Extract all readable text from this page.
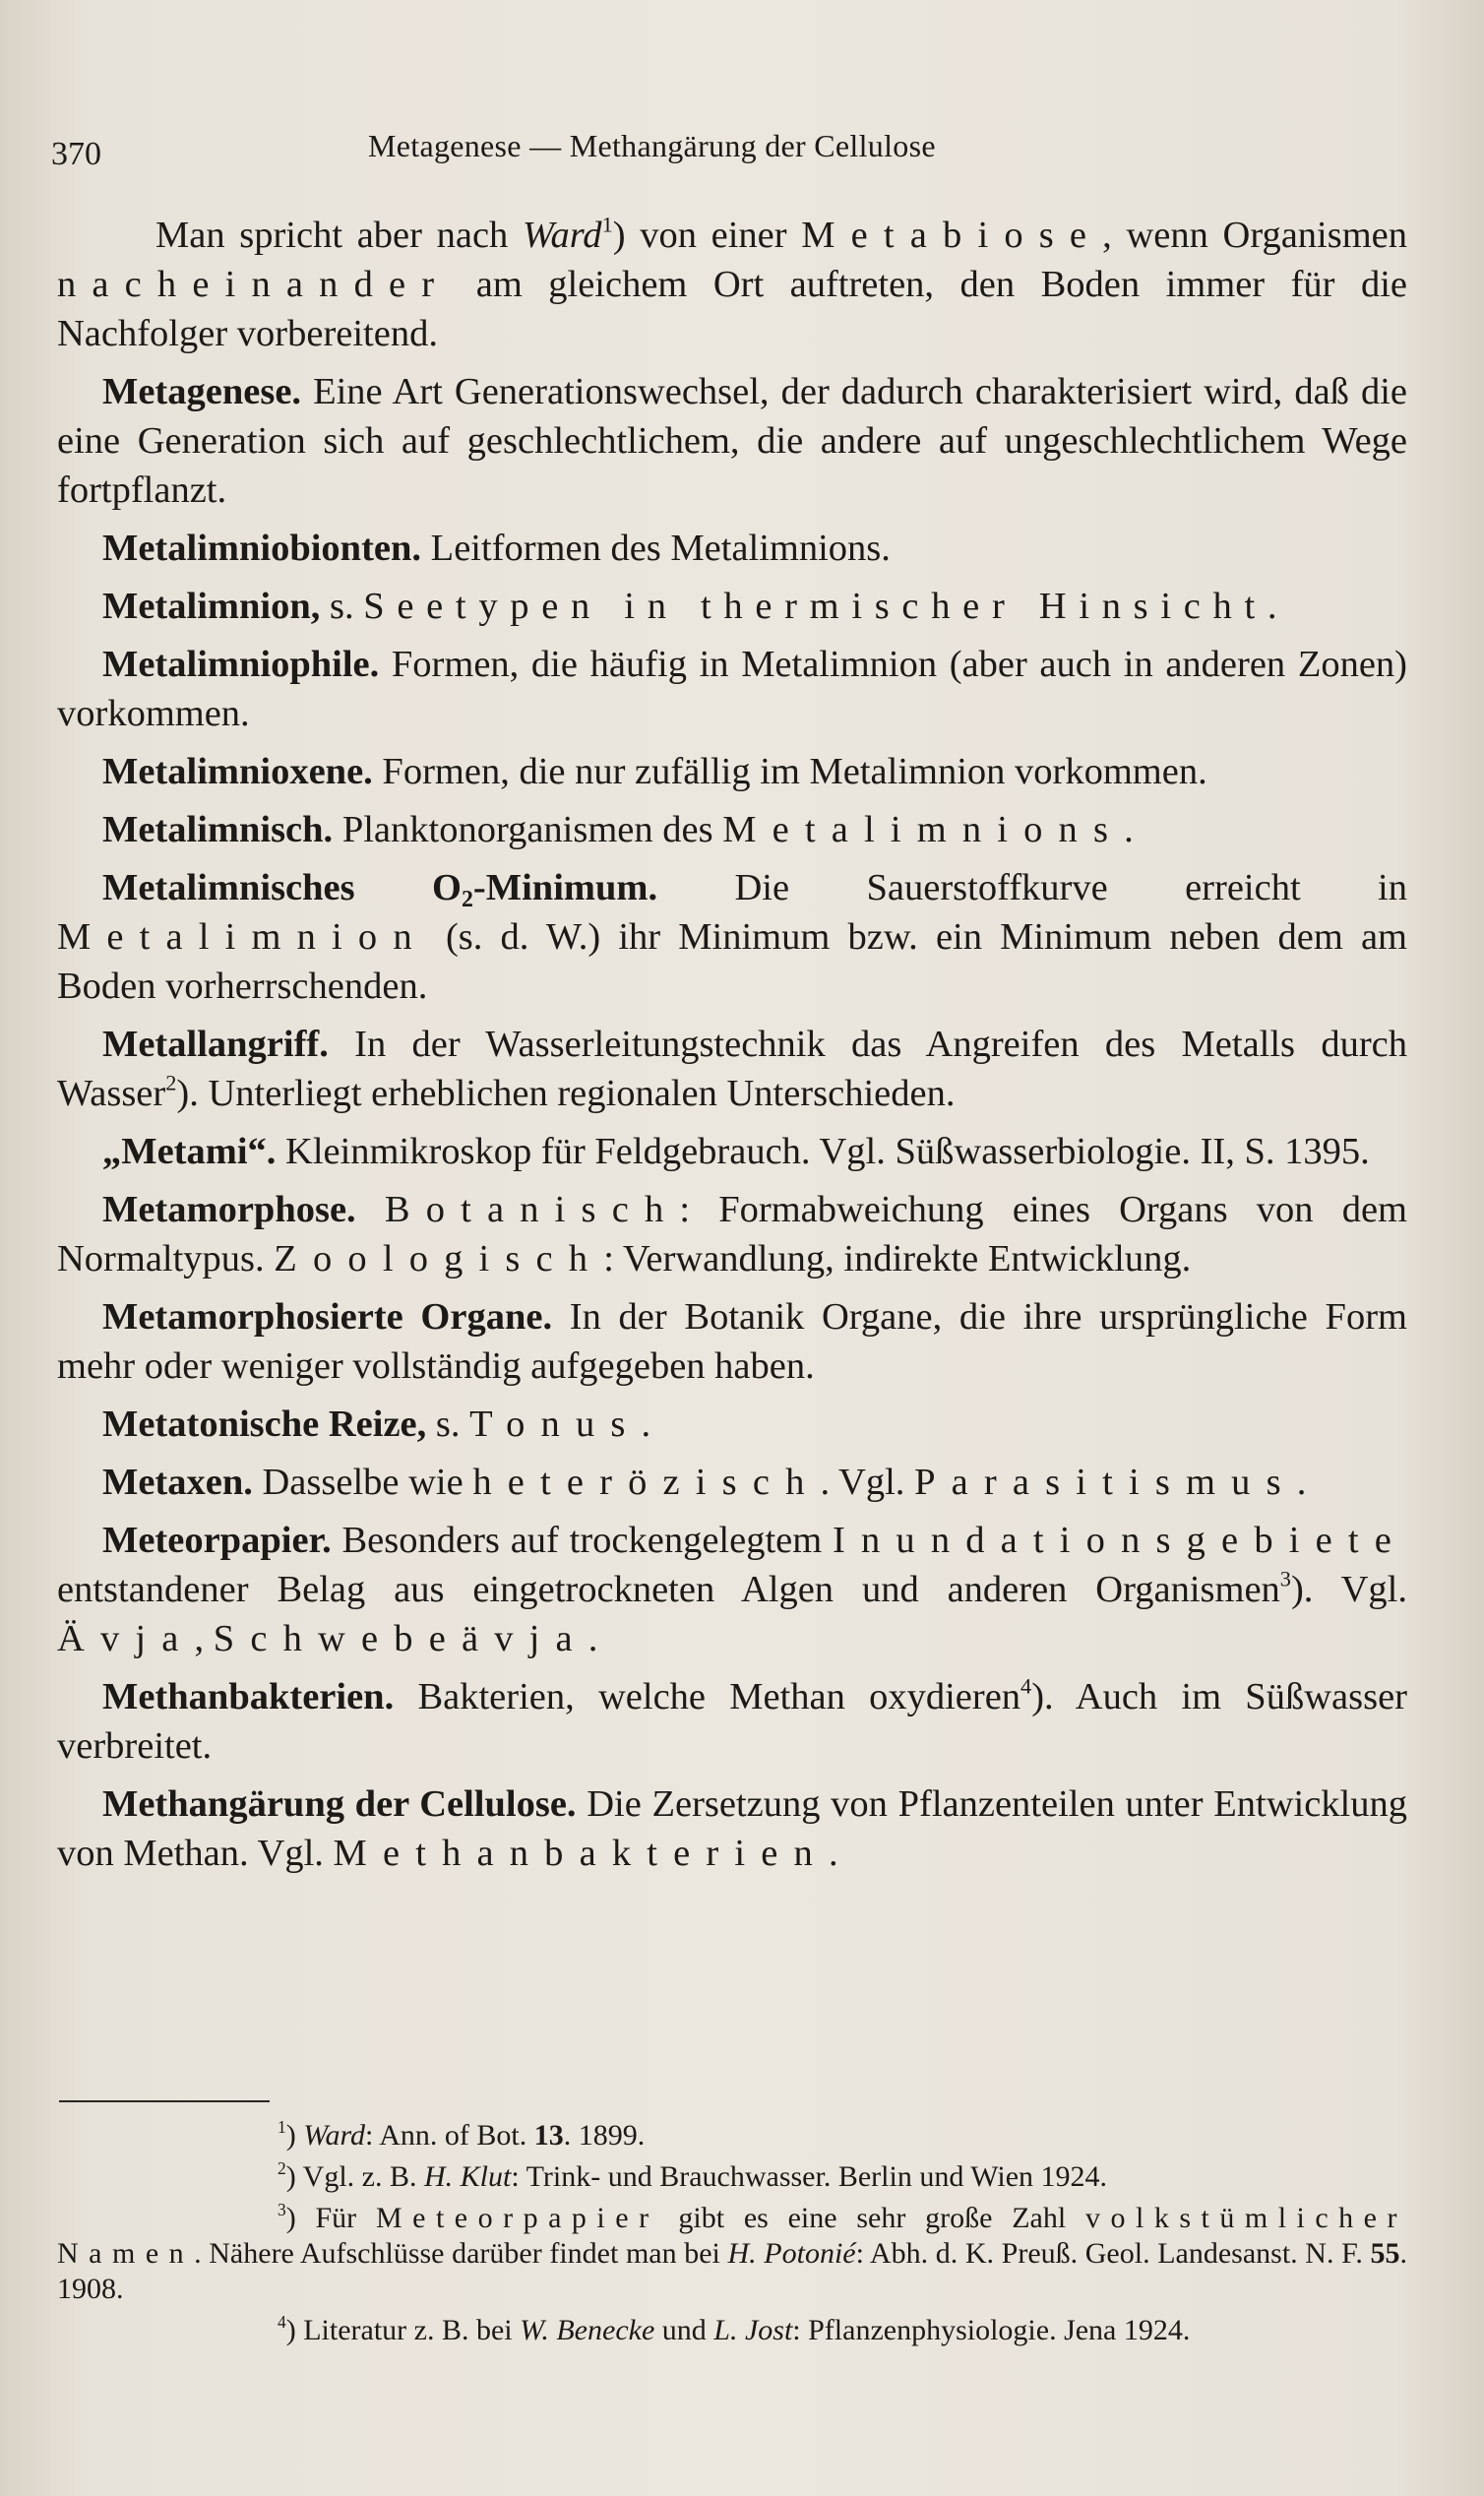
370	Metagenese — Methangärung der Cellulose

Man spricht aber nach Ward$^1$) von einer Metabiose, wenn Organismen nacheinander am gleichem Ort auftreten, den Boden immer für die Nachfolger vorbereitend.

Metagenese. Eine Art Generationswechsel, der dadurch charakterisiert wird, daß die eine Generation sich auf geschlechtlichem, die andere auf ungeschlechtlichem Wege fortpflanzt.

Metalimniobionten. Leitformen des Metalimnions.

Metalimnion, s. Seetypen in thermischer Hinsicht.

Metalimniophile. Formen, die häufig in Metalimnion (aber auch in anderen Zonen) vorkommen.

Metalimnioxene. Formen, die nur zufällig im Metalimnion vorkommen.

Metalimnisch. Planktonorganismen des Metalimnions.

Metalimnisches $O_2$-Minimum. Die Sauerstoffkurve erreicht in Metalimnion (s. d. W.) ihr Minimum bzw. ein Minimum neben dem am Boden vorherrschenden.

Metallangriff. In der Wasserleitungstechnik das Angreifen des Metalls durch Wasser$^2$). Unterliegt erheblichen regionalen Unterschieden.

„Metami“. Kleinmikroskop für Feldgebrauch. Vgl. Süßwasserbiologie. II, S. 1395.

Metamorphose. Botanisch: Formabweichung eines Organs von dem Normaltypus. Zoologisch: Verwandlung, indirekte Entwicklung.

Metamorphosierte Organe. In der Botanik Organe, die ihre ursprüngliche Form mehr oder weniger vollständig aufgegeben haben.

Metatonische Reize, s. Tonus.

Metaxen. Dasselbe wie heterözisch. Vgl. Parasitismus.

Meteorpapier. Besonders auf trockengelegtem Inundationsgebiete entstandener Belag aus eingetrockneten Algen und anderen Organismen$^3$). Vgl. Ävja, Schwebeävja.

Methanbakterien. Bakterien, welche Methan oxydieren$^4$). Auch im Süßwasser verbreitet.

Methangärung der Cellulose. Die Zersetzung von Pflanzenteilen unter Entwicklung von Methan. Vgl. Methanbakterien.

$^1$) Ward: Ann. of Bot. 13. 1899.

$^2$) Vgl. z. B. H. Klut: Trink- und Brauchwasser. Berlin und Wien 1924.

$^3$) Für Meteorpapier gibt es eine sehr große Zahl volkstümlicher Namen. Nähere Aufschlüsse darüber findet man bei H. Potonié: Abh. d. K. Preuß. Geol. Landesanst. N. F. 55. 1908.

$^4$) Literatur z. B. bei W. Benecke und L. Jost: Pflanzenphysiologie. Jena 1924.
